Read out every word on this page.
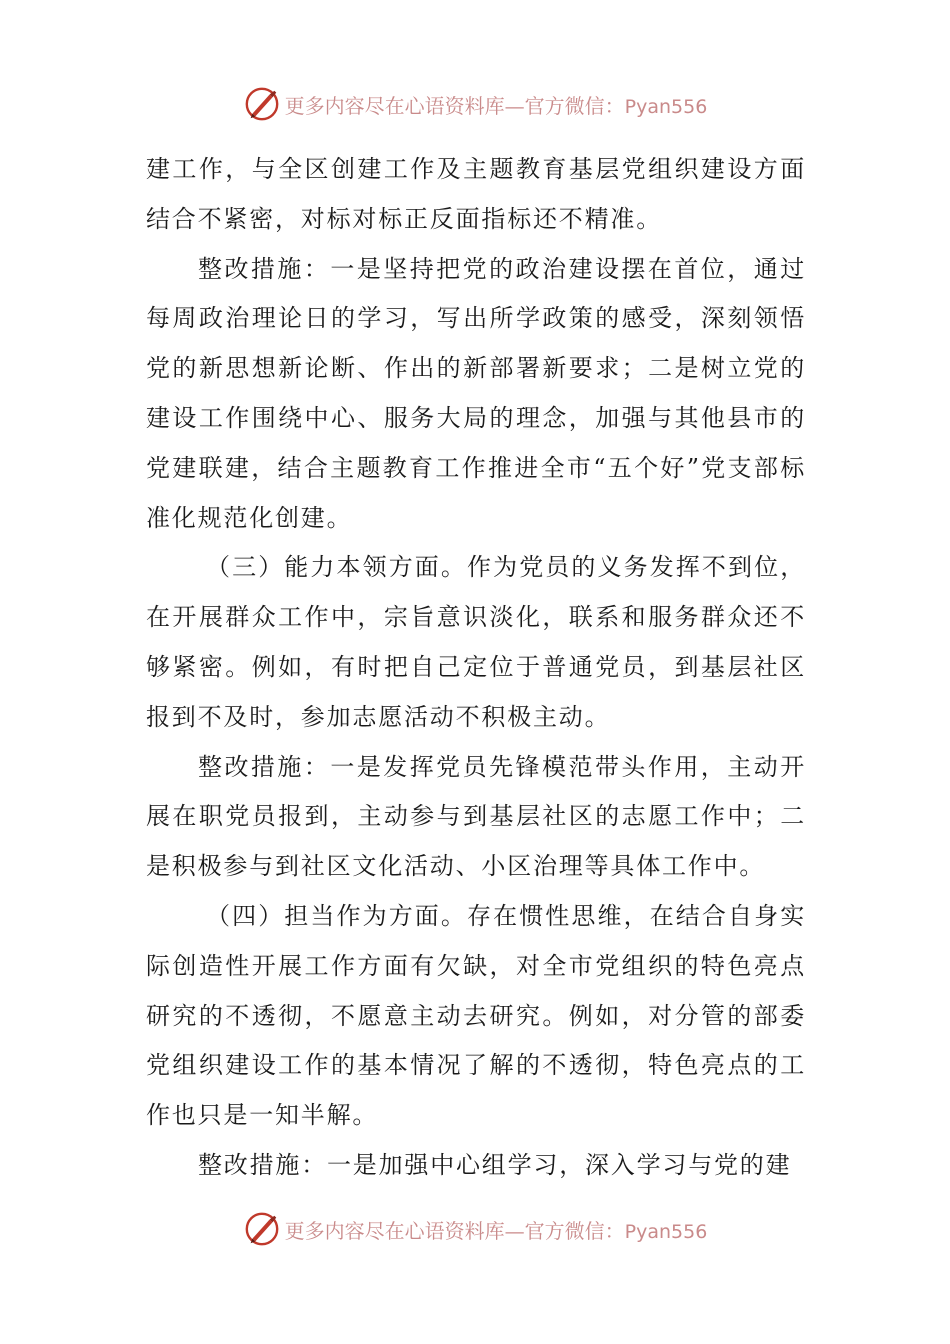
更多内容尽在心语资料库—官方微信：Pyan556

建工作，与全区创建工作及主题教育基层党组织建设方面结合不紧密，对标对标正反面指标还不精准。

整改措施：一是坚持把党的政治建设摆在首位，通过每周政治理论日的学习，写出所学政策的感受，深刻领悟党的新思想新论断、作出的新部署新要求；二是树立党的建设工作围绕中心、服务大局的理念，加强与其他县市的党建联建，结合主题教育工作推进全市“五个好”党支部标准化规范化创建。

（三）能力本领方面。作为党员的义务发挥不到位，在开展群众工作中，宗旨意识淡化，联系和服务群众还不够紧密。例如，有时把自己定位于普通党员，到基层社区报到不及时，参加志愿活动不积极主动。

整改措施：一是发挥党员先锋模范带头作用，主动开展在职党员报到，主动参与到基层社区的志愿工作中；二是积极参与到社区文化活动、小区治理等具体工作中。

（四）担当作为方面。存在惯性思维，在结合自身实际创造性开展工作方面有欠缺，对全市党组织的特色亮点研究的不透彻，不愿意主动去研究。例如，对分管的部委党组织建设工作的基本情况了解的不透彻，特色亮点的工作也只是一知半解。

整改措施：一是加强中心组学习，深入学习与党的建

更多内容尽在心语资料库—官方微信：Pyan556
